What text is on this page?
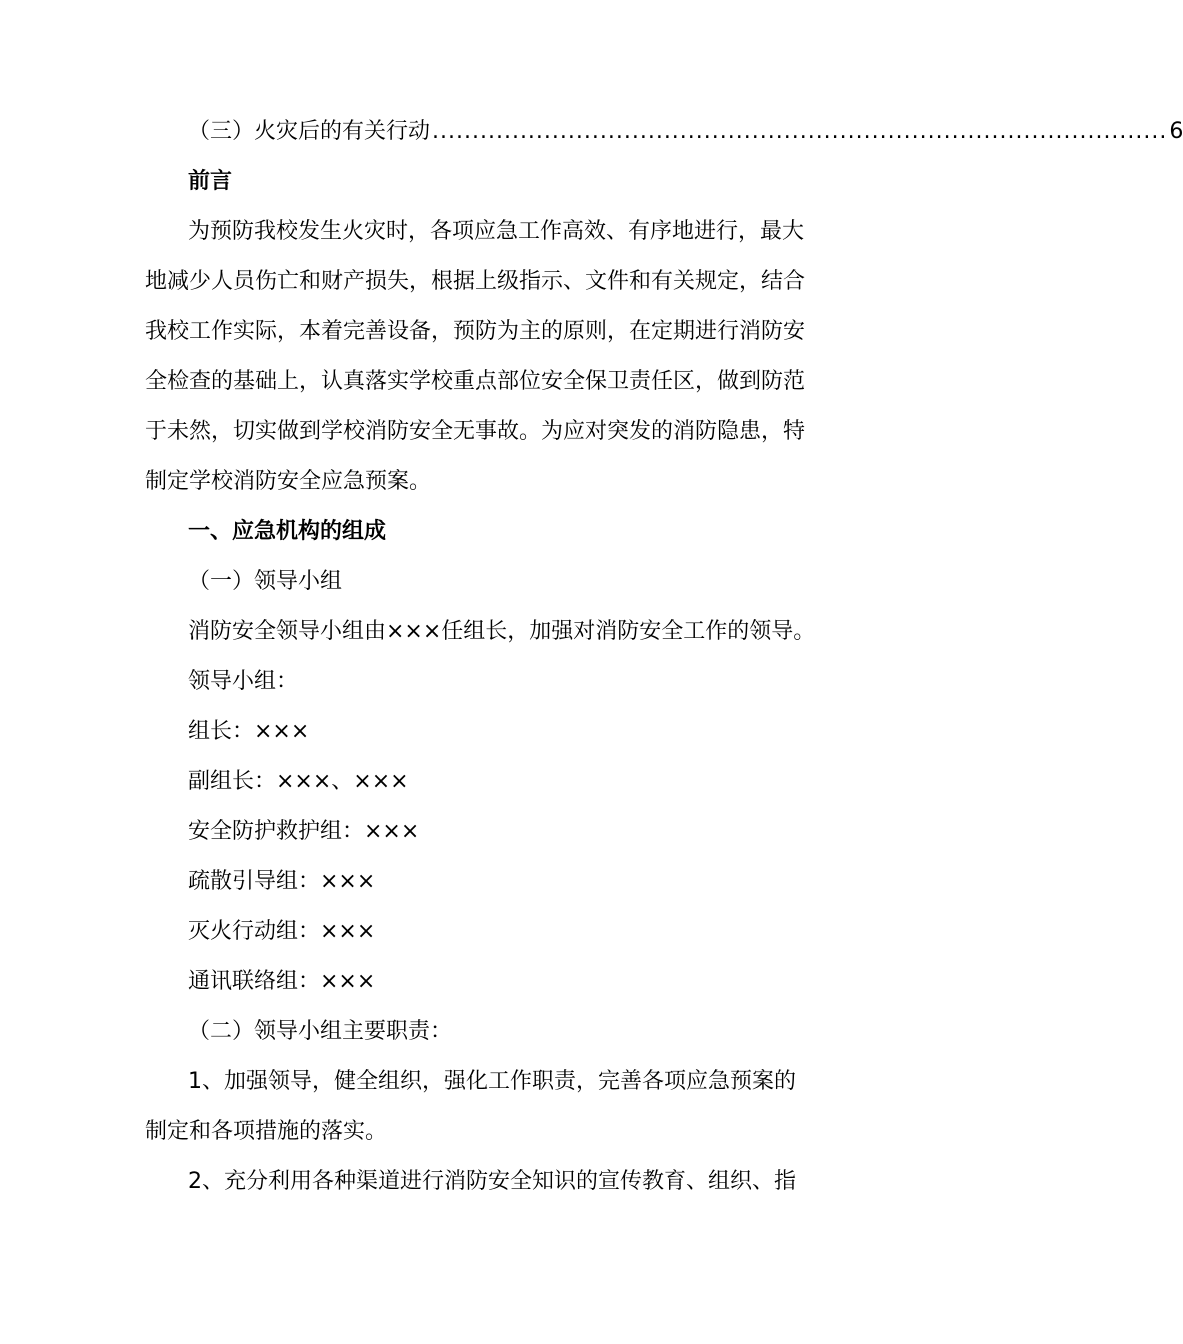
（三）火灾后的有关行动 ............................................................................................ 6
前言
为预防我校发生火灾时，各项应急工作高效、有序地进行，最大
地减少人员伤亡和财产损失，根据上级指示、文件和有关规定，结合
我校工作实际，本着完善设备，预防为主的原则，在定期进行消防安
全检查的基础上，认真落实学校重点部位安全保卫责任区，做到防范
于未然，切实做到学校消防安全无事故。为应对突发的消防隐患，特
制定学校消防安全应急预案。
一、应急机构的组成
（一）领导小组
消防安全领导小组由×××任组长，加强对消防安全工作的领导。
领导小组：
组长：×××
副组长：×××、×××
安全防护救护组：×××
疏散引导组：×××
灭火行动组：×××
通讯联络组：×××
（二）领导小组主要职责：
1、加强领导，健全组织，强化工作职责，完善各项应急预案的
制定和各项措施的落实。
2、充分利用各种渠道进行消防安全知识的宣传教育、组织、指
